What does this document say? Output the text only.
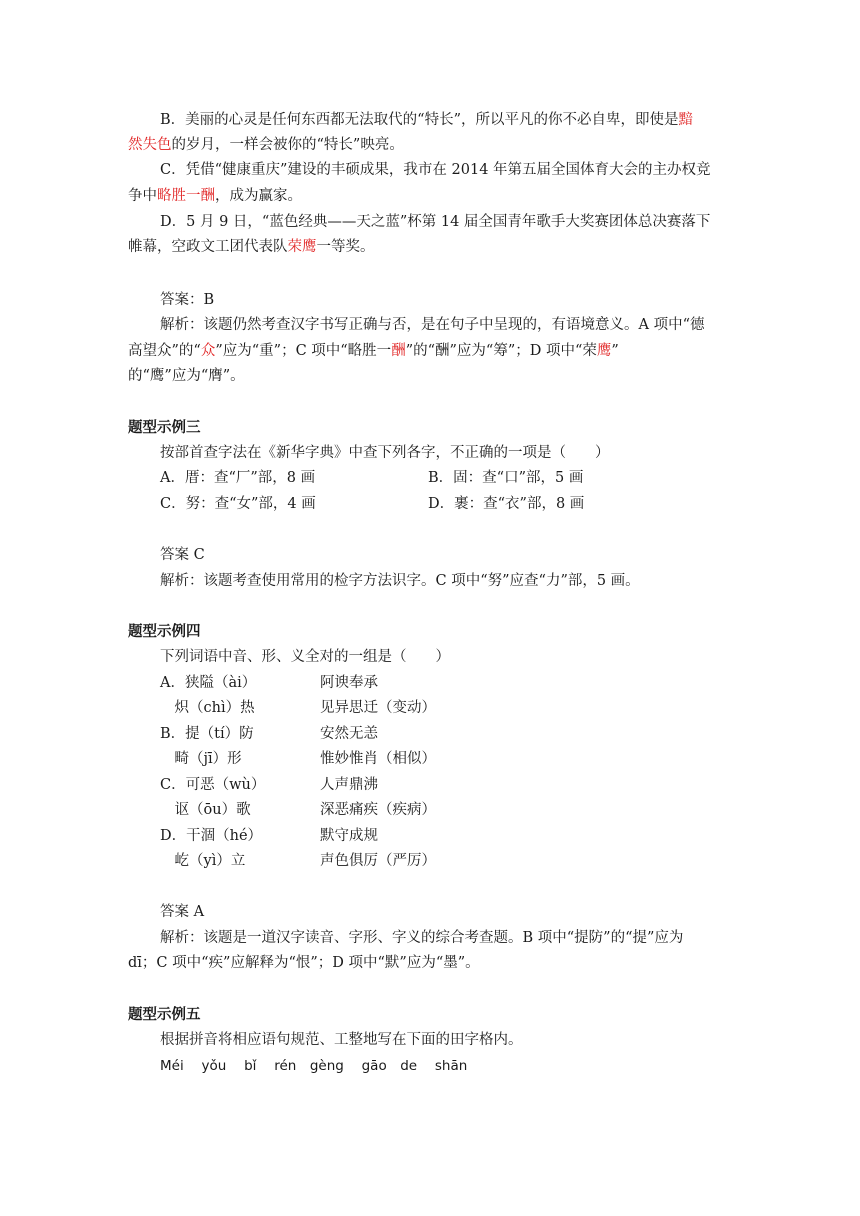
B．美丽的心灵是任何东西都无法取代的“特长”，所以平凡的你不必自卑，即使是黯
然失色的岁月，一样会被你的“特长”映亮。
C．凭借“健康重庆”建设的丰硕成果，我市在 2014 年第五届全国体育大会的主办权竞
争中略胜一酬，成为赢家。
D．5 月 9 日，“蓝色经典——天之蓝”杯第 14 届全国青年歌手大奖赛团体总决赛落下
帷幕，空政文工团代表队荣鹰一等奖。
答案：B
解析：该题仍然考查汉字书写正确与否，是在句子中呈现的，有语境意义。A 项中“德
高望众”的“众”应为“重”；C 项中“略胜一酬”的“酬”应为“筹”；D 项中“荣鹰”
的“鹰”应为“膺”。
题型示例三
按部首查字法在《新华字典》中查下列各字，不正确的一项是（　　）
A．厝：查“厂”部，8 画	B．固：查“口”部，5 画
C．努：查“女”部，4 画	D．裹：查“衣”部，8 画
答案 C
解析：该题考查使用常用的检字方法识字。C 项中“努”应查“力”部，5 画。
题型示例四
下列词语中音、形、义全对的一组是（　　）
A．狭隘（ài）	阿谀奉承
　炽（chì）热	见异思迁（变动）
B．提（tí）防	安然无恙
　畸（jī）形	惟妙惟肖（相似）
C．可恶（wù）	人声鼎沸
　讴（ōu）歌	深恶痛疾（疾病）
D．干涸（hé）	默守成规
　屹（yì）立	声色俱厉（严厉）
答案 A
解析：该题是一道汉字读音、字形、字义的综合考查题。B 项中“提防”的“提”应为
dī；C 项中“疾”应解释为“恨”；D 项中“默”应为“墨”。
题型示例五
根据拼音将相应语句规范、工整地写在下面的田字格内。
Méi　 yǒu　 bǐ　 rén　gèng　 gāo　de　 shān
